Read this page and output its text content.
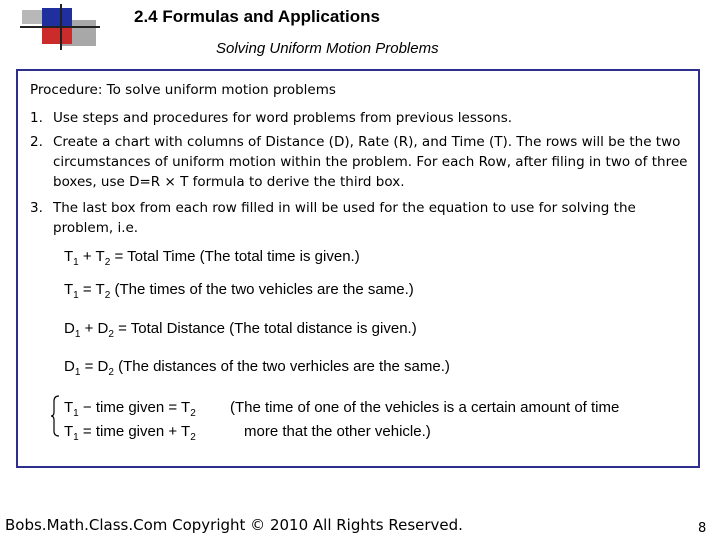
2.4 Formulas and Applications
Solving Uniform Motion Problems

Procedure: To solve uniform motion problems

1. Use steps and procedures for word problems from previous lessons.
2. Create a chart with columns of Distance (D), Rate (R), and Time (T). The rows will be the two circumstances of uniform motion within the problem. For each Row, after filing in two of three boxes, use D=R × T formula to derive the third box.
3. The last box from each row filled in will be used for the equation to use for solving the problem, i.e.
$T_1 + T_2$ = Total Time (The total time is given.)
$T_1 = T_2$ (The times of the two vehicles are the same.)
$D_1 + D_2$ = Total Distance (The total distance is given.)
$D_1 = D_2$ (The distances of the two verhicles are the same.)
$T_1$ − time given = $T_2$
$T_1$ = time given + $T_2$
(The time of one of the vehicles is a certain amount of time
more that the other vehicle.)
Bobs.Math.Class.Com Copyright © 2010 All Rights Reserved.	8
